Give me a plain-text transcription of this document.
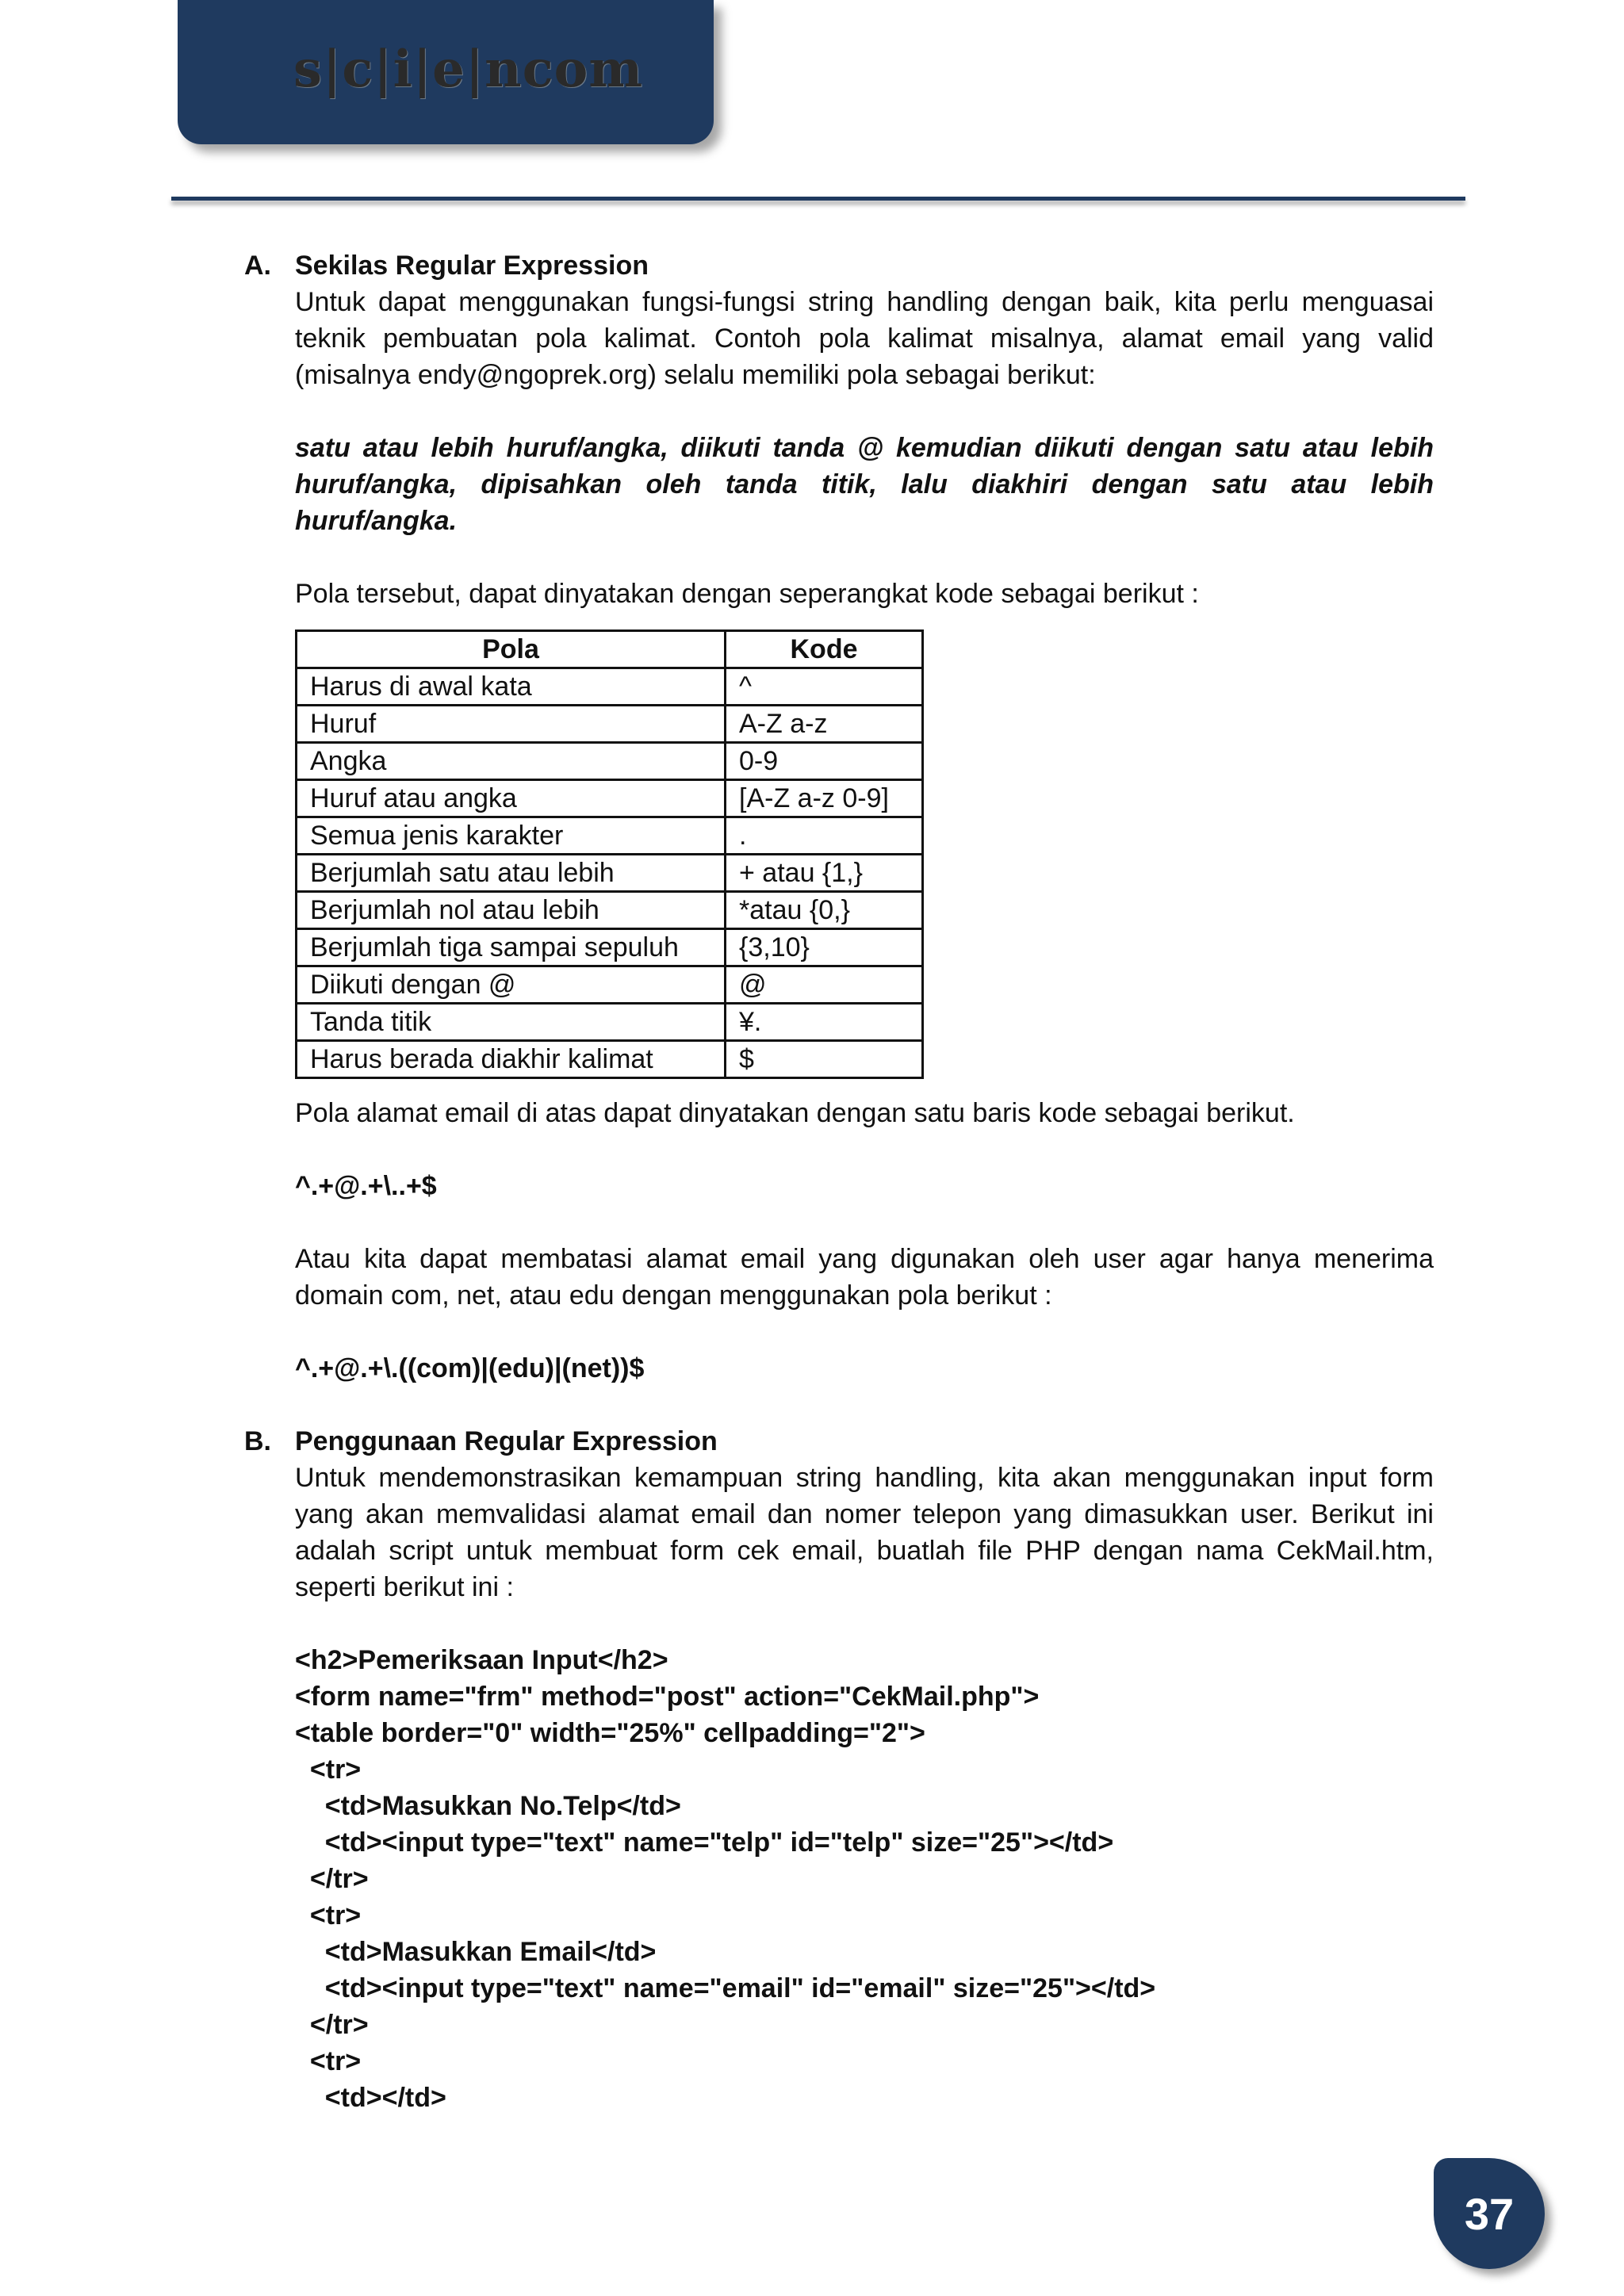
s|c|i|e|ncom
A. Sekilas Regular Expression

Untuk dapat menggunakan fungsi-fungsi string handling dengan baik, kita perlu menguasai teknik pembuatan pola kalimat. Contoh pola kalimat misalnya, alamat email yang valid (misalnya endy@ngoprek.org) selalu memiliki pola sebagai berikut:

satu atau lebih huruf/angka, diikuti tanda @ kemudian diikuti dengan satu atau lebih huruf/angka, dipisahkan oleh tanda titik, lalu diakhiri dengan satu atau lebih huruf/angka.

Pola tersebut, dapat dinyatakan dengan seperangkat kode sebagai berikut :

Pola	Kode
Harus di awal kata	^
Huruf	A-Z a-z
Angka	0-9
Huruf atau angka	[A-Z a-z 0-9]
Semua jenis karakter	.
Berjumlah satu atau lebih	+ atau {1,}
Berjumlah nol atau lebih	*atau {0,}
Berjumlah tiga sampai sepuluh	{3,10}
Diikuti dengan @	@
Tanda titik	¥.
Harus berada diakhir kalimat	$

Pola alamat email di atas dapat dinyatakan dengan satu baris kode sebagai berikut.

^.+@.+\..+$

Atau kita dapat membatasi alamat email yang digunakan oleh user agar hanya menerima domain com, net, atau edu dengan menggunakan pola berikut :

^.+@.+\.((com)|(edu)|(net))$
B. Penggunaan Regular Expression

Untuk mendemonstrasikan kemampuan string handling, kita akan menggunakan input form yang akan memvalidasi alamat email dan nomer telepon yang dimasukkan user. Berikut ini adalah script untuk membuat form cek email, buatlah file PHP dengan nama CekMail.htm, seperti berikut ini :

<h2>Pemeriksaan Input</h2>
<form name="frm" method="post" action="CekMail.php">
<table border="0" width="25%" cellpadding="2">
<tr>
<td>Masukkan No.Telp</td>
<td><input type="text" name="telp" id="telp" size="25"></td>
</tr>
<tr>
<td>Masukkan Email</td>
<td><input type="text" name="email" id="email" size="25"></td>
</tr>
<tr>
<td></td>
37
